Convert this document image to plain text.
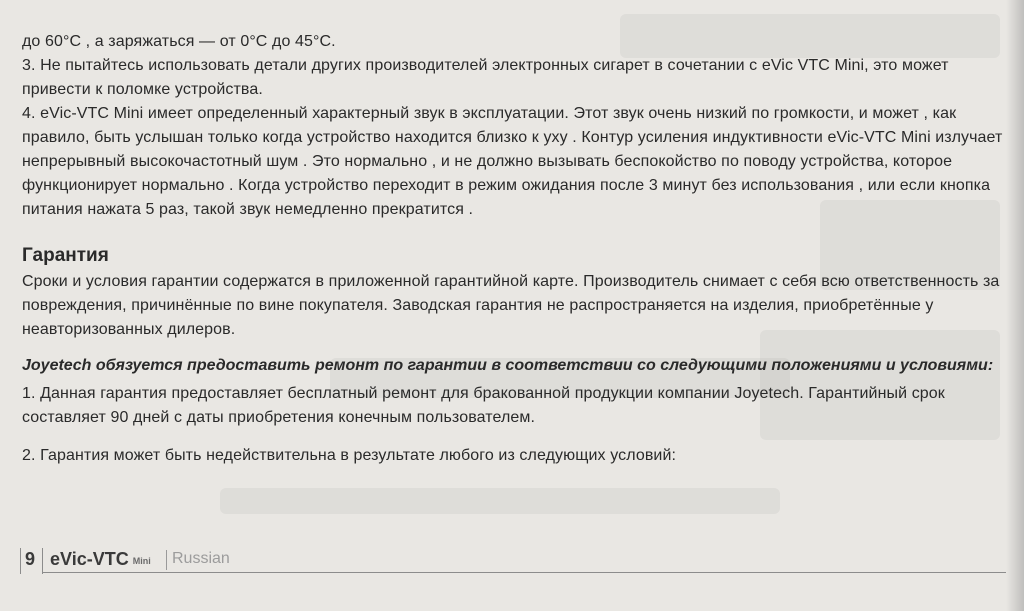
до 60°С , а заряжаться — от 0°С до 45°С.

3. Не пытайтесь использовать детали других производителей электронных сигарет в сочетании с eVic VTC Mini, это может привести к поломке устройства.

4. eVic-VTC Mini имеет определенный характерный звук в эксплуатации. Этот звук очень низкий по громкости, и может , как правило, быть услышан только когда устройство находится близко к уху . Контур усиления индуктивности eVic-VTC Mini излучает непрерывный высокочастотный шум . Это нормально , и не должно вызывать беспокойство по поводу устройства, которое функционирует нормально . Когда устройство переходит в режим ожидания после 3 минут без использования , или если кнопка питания нажата 5 раз, такой звук немедленно прекратится .

Гарантия

Сроки и условия гарантии содержатся в приложенной гарантийной карте. Производитель снимает с себя всю ответственность за повреждения, причинённые по вине покупателя. Заводская гарантия не распространяется на изделия, приобретённые у неавторизованных дилеров.

Joyetech обязуется предоставить ремонт по гарантии в соответствии со следующими положениями и условиями:

1. Данная гарантия предоставляет бесплатный ремонт для бракованной продукции компании Joyetech. Гарантийный срок составляет 90 дней с даты приобретения конечным пользователем.

2. Гарантия может быть недействительна в результате любого из следующих условий:

9 eVic-VTC Mini Russian
